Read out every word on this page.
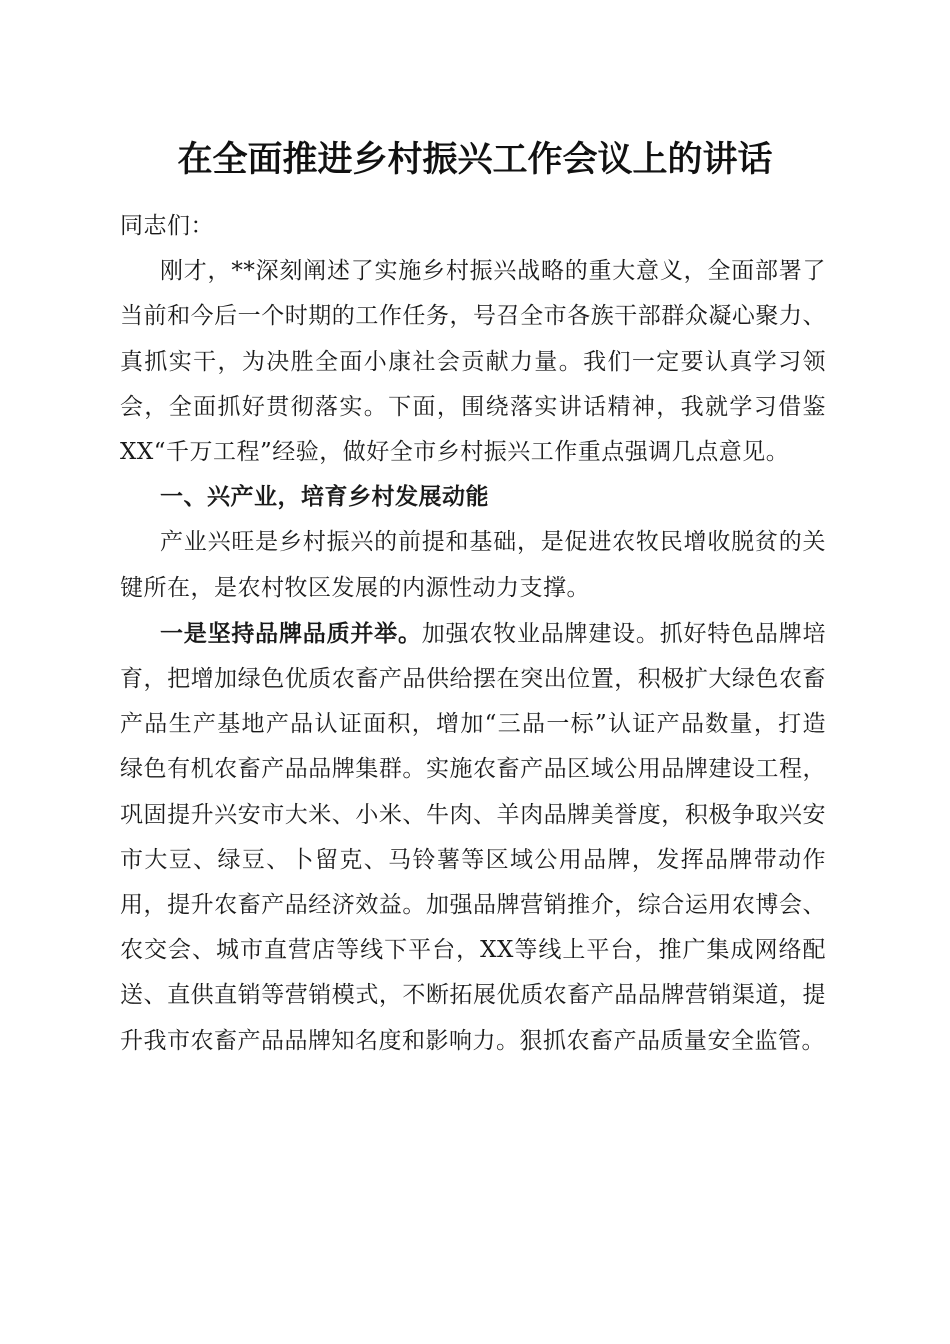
在全面推进乡村振兴工作会议上的讲话

同志们：

刚才，**深刻阐述了实施乡村振兴战略的重大意义，全面部署了当前和今后一个时期的工作任务，号召全市各族干部群众凝心聚力、真抓实干，为决胜全面小康社会贡献力量。我们一定要认真学习领会，全面抓好贯彻落实。下面，围绕落实讲话精神，我就学习借鉴XX“千万工程”经验，做好全市乡村振兴工作重点强调几点意见。

一、兴产业，培育乡村发展动能

产业兴旺是乡村振兴的前提和基础，是促进农牧民增收脱贫的关键所在，是农村牧区发展的内源性动力支撑。

一是坚持品牌品质并举。加强农牧业品牌建设。抓好特色品牌培育，把增加绿色优质农畜产品供给摆在突出位置，积极扩大绿色农畜产品生产基地产品认证面积，增加“三品一标”认证产品数量，打造绿色有机农畜产品品牌集群。实施农畜产品区域公用品牌建设工程，巩固提升兴安市大米、小米、牛肉、羊肉品牌美誉度，积极争取兴安市大豆、绿豆、卜留克、马铃薯等区域公用品牌，发挥品牌带动作用，提升农畜产品经济效益。加强品牌营销推介，综合运用农博会、农交会、城市直营店等线下平台，XX等线上平台，推广集成网络配送、直供直销等营销模式，不断拓展优质农畜产品品牌营销渠道，提升我市农畜产品品牌知名度和影响力。狠抓农畜产品质量安全监管。
